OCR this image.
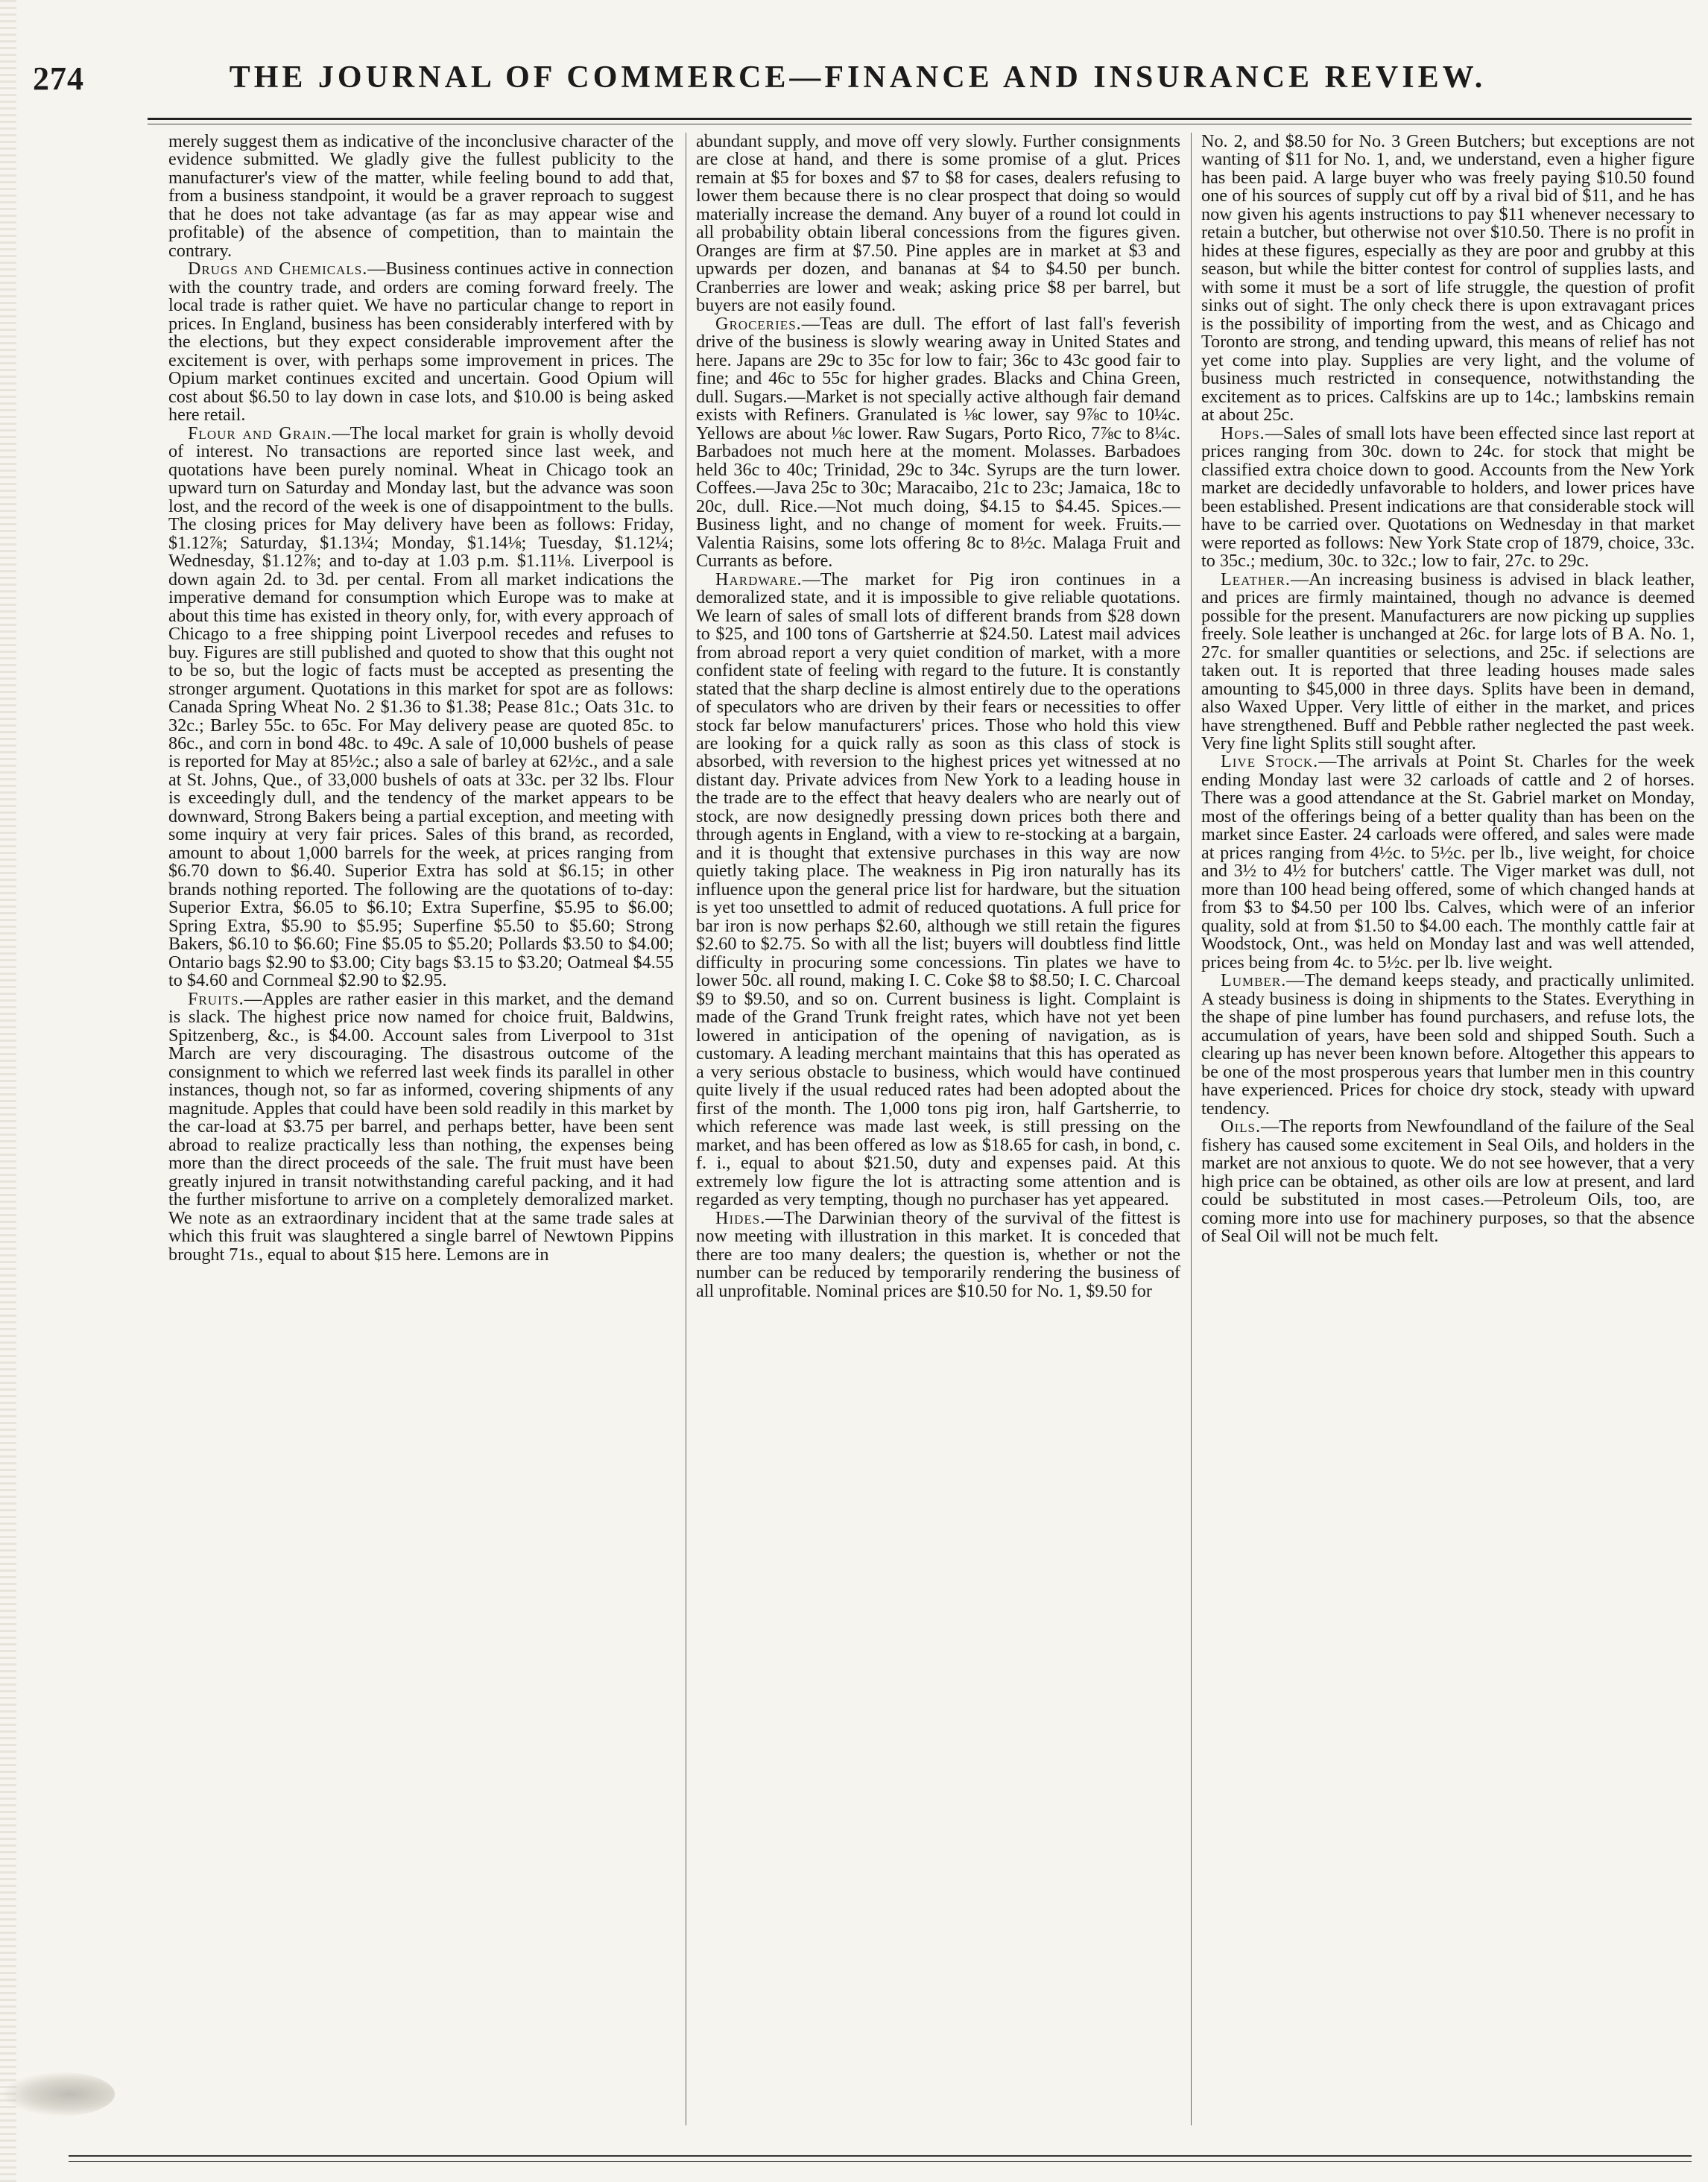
274	THE JOURNAL OF COMMERCE—FINANCE AND INSURANCE REVIEW.

merely suggest them as indicative of the inconclusive character of the evidence submitted. We gladly give the fullest publicity to the manufacturer's view of the matter, while feeling bound to add that, from a business standpoint, it would be a graver reproach to suggest that he does not take advantage (as far as may appear wise and profitable) of the absence of competition, than to maintain the contrary.

Drugs and Chemicals.—Business continues active in connection with the country trade, and orders are coming forward freely. The local trade is rather quiet. We have no particular change to report in prices. In England, business has been considerably interfered with by the elections, but they expect considerable improvement after the excitement is over, with perhaps some improvement in prices. The Opium market continues excited and uncertain. Good Opium will cost about $6.50 to lay down in case lots, and $10.00 is being asked here retail.

Flour and Grain.—The local market for grain is wholly devoid of interest. No transactions are reported since last week, and quotations have been purely nominal. Wheat in Chicago took an upward turn on Saturday and Monday last, but the advance was soon lost, and the record of the week is one of disappointment to the bulls. The closing prices for May delivery have been as follows: Friday, $1.12⅞; Saturday, $1.13¼; Monday, $1.14⅛; Tuesday, $1.12¼; Wednesday, $1.12⅞; and to-day at 1.03 p.m. $1.11⅛. Liverpool is down again 2d. to 3d. per cental. From all market indications the imperative demand for consumption which Europe was to make at about this time has existed in theory only, for, with every approach of Chicago to a free shipping point Liverpool recedes and refuses to buy. Figures are still published and quoted to show that this ought not to be so, but the logic of facts must be accepted as presenting the stronger argument. Quotations in this market for spot are as follows: Canada Spring Wheat No. 2 $1.36 to $1.38; Pease 81c.; Oats 31c. to 32c.; Barley 55c. to 65c. For May delivery pease are quoted 85c. to 86c., and corn in bond 48c. to 49c. A sale of 10,000 bushels of pease is reported for May at 85½c.; also a sale of barley at 62½c., and a sale at St. Johns, Que., of 33,000 bushels of oats at 33c. per 32 lbs. Flour is exceedingly dull, and the tendency of the market appears to be downward, Strong Bakers being a partial exception, and meeting with some inquiry at very fair prices. Sales of this brand, as recorded, amount to about 1,000 barrels for the week, at prices ranging from $6.70 down to $6.40. Superior Extra has sold at $6.15; in other brands nothing reported. The following are the quotations of to-day: Superior Extra, $6.05 to $6.10; Extra Superfine, $5.95 to $6.00; Spring Extra, $5.90 to $5.95; Superfine $5.50 to $5.60; Strong Bakers, $6.10 to $6.60; Fine $5.05 to $5.20; Pollards $3.50 to $4.00; Ontario bags $2.90 to $3.00; City bags $3.15 to $3.20; Oatmeal $4.55 to $4.60 and Cornmeal $2.90 to $2.95.

Fruits.—Apples are rather easier in this market, and the demand is slack. The highest price now named for choice fruit, Baldwins, Spitzenberg, &c., is $4.00. Account sales from Liverpool to 31st March are very discouraging. The disastrous outcome of the consignment to which we referred last week finds its parallel in other instances, though not, so far as informed, covering shipments of any magnitude. Apples that could have been sold readily in this market by the car-load at $3.75 per barrel, and perhaps better, have been sent abroad to realize practically less than nothing, the expenses being more than the direct proceeds of the sale. The fruit must have been greatly injured in transit notwithstanding careful packing, and it had the further misfortune to arrive on a completely demoralized market. We note as an extraordinary incident that at the same trade sales at which this fruit was slaughtered a single barrel of Newtown Pippins brought 71s., equal to about $15 here. Lemons are in

abundant supply, and move off very slowly. Further consignments are close at hand, and there is some promise of a glut. Prices remain at $5 for boxes and $7 to $8 for cases, dealers refusing to lower them because there is no clear prospect that doing so would materially increase the demand. Any buyer of a round lot could in all probability obtain liberal concessions from the figures given. Oranges are firm at $7.50. Pine apples are in market at $3 and upwards per dozen, and bananas at $4 to $4.50 per bunch. Cranberries are lower and weak; asking price $8 per barrel, but buyers are not easily found.

Groceries.—Teas are dull. The effort of last fall's feverish drive of the business is slowly wearing away in United States and here. Japans are 29c to 35c for low to fair; 36c to 43c good fair to fine; and 46c to 55c for higher grades. Blacks and China Green, dull. Sugars.—Market is not specially active although fair demand exists with Refiners. Granulated is ⅛c lower, say 9⅞c to 10¼c. Yellows are about ⅛c lower. Raw Sugars, Porto Rico, 7⅞c to 8¼c. Barbadoes not much here at the moment. Molasses. Barbadoes held 36c to 40c; Trinidad, 29c to 34c. Syrups are the turn lower. Coffees.—Java 25c to 30c; Maracaibo, 21c to 23c; Jamaica, 18c to 20c, dull. Rice.—Not much doing, $4.15 to $4.45. Spices.—Business light, and no change of moment for week. Fruits.—Valentia Raisins, some lots offering 8c to 8½c. Malaga Fruit and Currants as before.

Hardware.—The market for Pig iron continues in a demoralized state, and it is impossible to give reliable quotations. We learn of sales of small lots of different brands from $28 down to $25, and 100 tons of Gartsherrie at $24.50. Latest mail advices from abroad report a very quiet condition of market, with a more confident state of feeling with regard to the future. It is constantly stated that the sharp decline is almost entirely due to the operations of speculators who are driven by their fears or necessities to offer stock far below manufacturers' prices. Those who hold this view are looking for a quick rally as soon as this class of stock is absorbed, with reversion to the highest prices yet witnessed at no distant day. Private advices from New York to a leading house in the trade are to the effect that heavy dealers who are nearly out of stock, are now designedly pressing down prices both there and through agents in England, with a view to re-stocking at a bargain, and it is thought that extensive purchases in this way are now quietly taking place. The weakness in Pig iron naturally has its influence upon the general price list for hardware, but the situation is yet too unsettled to admit of reduced quotations. A full price for bar iron is now perhaps $2.60, although we still retain the figures $2.60 to $2.75. So with all the list; buyers will doubtless find little difficulty in procuring some concessions. Tin plates we have to lower 50c. all round, making I. C. Coke $8 to $8.50; I. C. Charcoal $9 to $9.50, and so on. Current business is light. Complaint is made of the Grand Trunk freight rates, which have not yet been lowered in anticipation of the opening of navigation, as is customary. A leading merchant maintains that this has operated as a very serious obstacle to business, which would have continued quite lively if the usual reduced rates had been adopted about the first of the month. The 1,000 tons pig iron, half Gartsherrie, to which reference was made last week, is still pressing on the market, and has been offered as low as $18.65 for cash, in bond, c. f. i., equal to about $21.50, duty and expenses paid. At this extremely low figure the lot is attracting some attention and is regarded as very tempting, though no purchaser has yet appeared.

Hides.—The Darwinian theory of the survival of the fittest is now meeting with illustration in this market. It is conceded that there are too many dealers; the question is, whether or not the number can be reduced by temporarily rendering the business of all unprofitable. Nominal prices are $10.50 for No. 1, $9.50 for

No. 2, and $8.50 for No. 3 Green Butchers; but exceptions are not wanting of $11 for No. 1, and, we understand, even a higher figure has been paid. A large buyer who was freely paying $10.50 found one of his sources of supply cut off by a rival bid of $11, and he has now given his agents instructions to pay $11 whenever necessary to retain a butcher, but otherwise not over $10.50. There is no profit in hides at these figures, especially as they are poor and grubby at this season, but while the bitter contest for control of supplies lasts, and with some it must be a sort of life struggle, the question of profit sinks out of sight. The only check there is upon extravagant prices is the possibility of importing from the west, and as Chicago and Toronto are strong, and tending upward, this means of relief has not yet come into play. Supplies are very light, and the volume of business much restricted in consequence, notwithstanding the excitement as to prices. Calfskins are up to 14c.; lambskins remain at about 25c.

Hops.—Sales of small lots have been effected since last report at prices ranging from 30c. down to 24c. for stock that might be classified extra choice down to good. Accounts from the New York market are decidedly unfavorable to holders, and lower prices have been established. Present indications are that considerable stock will have to be carried over. Quotations on Wednesday in that market were reported as follows: New York State crop of 1879, choice, 33c. to 35c.; medium, 30c. to 32c.; low to fair, 27c. to 29c.

Leather.—An increasing business is advised in black leather, and prices are firmly maintained, though no advance is deemed possible for the present. Manufacturers are now picking up supplies freely. Sole leather is unchanged at 26c. for large lots of B A. No. 1, 27c. for smaller quantities or selections, and 25c. if selections are taken out. It is reported that three leading houses made sales amounting to $45,000 in three days. Splits have been in demand, also Waxed Upper. Very little of either in the market, and prices have strengthened. Buff and Pebble rather neglected the past week. Very fine light Splits still sought after.

Live Stock.—The arrivals at Point St. Charles for the week ending Monday last were 32 carloads of cattle and 2 of horses. There was a good attendance at the St. Gabriel market on Monday, most of the offerings being of a better quality than has been on the market since Easter. 24 carloads were offered, and sales were made at prices ranging from 4½c. to 5½c. per lb., live weight, for choice and 3½ to 4½ for butchers' cattle. The Viger market was dull, not more than 100 head being offered, some of which changed hands at from $3 to $4.50 per 100 lbs. Calves, which were of an inferior quality, sold at from $1.50 to $4.00 each. The monthly cattle fair at Woodstock, Ont., was held on Monday last and was well attended, prices being from 4c. to 5½c. per lb. live weight.

Lumber.—The demand keeps steady, and practically unlimited. A steady business is doing in shipments to the States. Everything in the shape of pine lumber has found purchasers, and refuse lots, the accumulation of years, have been sold and shipped South. Such a clearing up has never been known before. Altogether this appears to be one of the most prosperous years that lumber men in this country have experienced. Prices for choice dry stock, steady with upward tendency.

Oils.—The reports from Newfoundland of the failure of the Seal fishery has caused some excitement in Seal Oils, and holders in the market are not anxious to quote. We do not see however, that a very high price can be obtained, as other oils are low at present, and lard could be substituted in most cases.—Petroleum Oils, too, are coming more into use for machinery purposes, so that the absence of Seal Oil will not be much felt.
